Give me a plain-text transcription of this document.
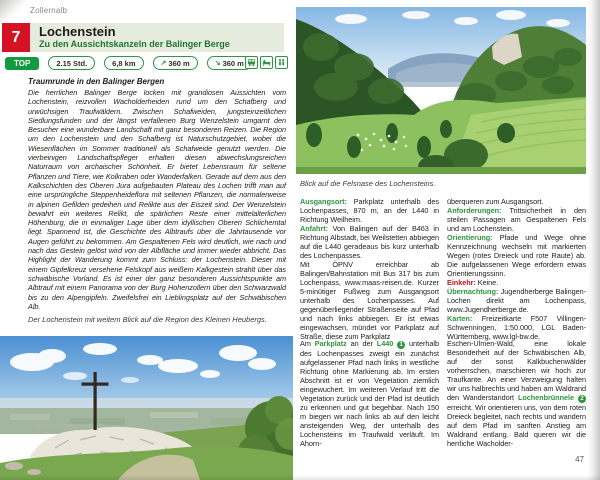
Zollernalb
7	Lochenstein
Zu den Aussichtskanzeln der Balinger Berge
TOP	2.15 Std.	6,8 km	↗ 360 m	↘ 360 m
Traumrunde in den Balinger Bergen

Die herrlichen Balinger Berge locken mit grandiosen Aussichten vom Lochenstein, reizvollen Wacholderheiden rund um den Schafberg und urwüchsigen Traufwäldern. Zwischen Schafweiden, jungsteinzeitlichen Siedlungsfunden und der längst verfallenen Burg Wenzelstein umgarnt den Besucher eine wunderbare Landschaft mit ganz besonderen Reizen. Die Region um den Lochenstein und den Schafberg ist Naturschutzgebiet, wobei die Wiesenflächen im Sommer traditionell als Schafweide genutzt werden. Die vierbeinigen Landschaftspfleger erhalten diesen abwechslungsreichen Naturraum von archaischer Schönheit. Er bietet Lebensraum für seltene Pflanzen und Tiere, wie Kolkraben oder Wanderfalken. Gerade auf dem aus den Kalkschichten des Oberen Jura aufgebauten Plateau des Lochen trifft man auf eine ursprüngliche Steppenheideflora mit seltenen Pflanzen, die normalerweise in alpinen Gefilden gedeihen und Relikte aus der Eiszeit sind. Der Wenzelstein bewahrt ein weiteres Relikt, die spärlichen Reste einer mittelalterlichen Höhenburg, die in einmaliger Lage über dem idyllischen Oberen Schlichemtal liegt. Spannend ist, die Geschichte des Albtraufs über die Jahrtausende vor Augen geführt zu bekommen. Am Gespaltenen Fels wird deutlich, wie nach und nach das Gestein gelöst wird von der Albfläche und immer wieder abbricht. Das Highlight der Wanderung kommt zum Schluss: der Lochenstein. Dieser mit einem Gipfelkreuz versehene Felskopf aus weißem Kalkgestein strahlt über das schwäbische Vorland. Es ist einer der ganz besonderen Aussichtspunkte am Albtrauf mit einem Panorama von der Burg Hohenzollern über den Schwarzwald bis zu den Alpengipfeln. Zweifelsfrei ein Lieblingsplatz auf der Schwäbischen Alb.

Der Lochenstein mit weitem Blick auf die Region des Kleinen Heubergs.
Blick auf die Felsnase des Lochensteins.

Ausgangsort: Parkplatz unterhalb des Lochenpasses, 870 m, an der L440 in Richtung Weilheim.

Anfahrt: Von Balingen auf der B463 in Richtung Albstadt, bei Weilstetten abbiegen auf die L440 geradeaus bis kurz unterhalb des Lochenpasses.

Mit ÖPNV erreichbar ab Balingen/Bahnstation mit Bus 317 bis zum Lochenpass, www.maas-reisen.de. Kurzer 5-minütiger Fußweg zum Ausgangsort unterhalb des Lochenpasses. Auf gegenüberliegender Straßenseite auf Pfad und nach links abbiegen. Er ist etwas eingewachsen, mündet vor Parkplatz auf Straße, diese zum Parkplatz

überqueren zum Ausgangsort.

Anforderungen: Trittsicherheit in den steilen Passagen am Gespaltenen Fels und am Lochenstein.

Orientierung: Pfade und Wege ohne Kennzeichnung wechseln mit markierten Wegen (rotes Dreieck und rote Raute) ab. Die aufgelassenen Wege erfordern etwas Orientierungssinn.

Einkehr: Keine.

Übernachtung: Jugendherberge Balingen-Lochen direkt am Lochenpass, www.Jugendherberge.de.

Karten: Freizeitkarte F507 Villingen-Schwenningen, 1:50.000, LGL Baden-Württemberg, www.lgl-bw.de.

Am Parkplatz an der L440 1 unterhalb des Lochenpasses zweigt ein zunächst aufgelassener Pfad nach links in westliche Richtung ohne Markierung ab. Im ersten Abschnitt ist er von Vegetation ziemlich eingewuchert. Im weiteren Verlauf tritt die Vegetation zurück und der Pfad ist deutlich zu erkennen und gut begehbar. Nach 150 m biegen wir nach links ab auf den leicht ansteigenden Weg, der unterhalb des Lochensteins im Traufwald verläuft. Im Ahorn-

Eschen-Ulmen-Wald, eine lokale Besonderheit auf der Schwäbischen Alb, auf der sonst Kalkbuchenwälder vorherrschen, marschieren wir hoch zur Traufkante. An einer Verzweigung halten wir uns halbrechts und haben am Waldrand den Wanderstandort Lochenbrünnele 2 erreicht. Wir orientieren uns, von dem roten Dreieck begleitet, nach rechts und wandern auf dem Pfad im sanften Anstieg am Waldrand entlang. Bald queren wir die herrliche Wacholder-

47
